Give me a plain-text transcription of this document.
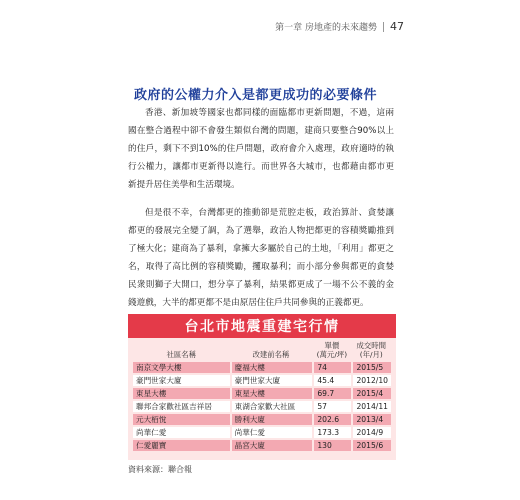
第一章 房地產的未來趨勢 47
政府的公權力介入是都更成功的必要條件

香港、新加坡等國家也都同樣的面臨都市更新問題，不過，這兩國在整合過程中卻不會發生類似台灣的問題，建商只要整合90%以上的住戶，剩下不到10%的住戶問題，政府會介入處理，政府適時的執行公權力，讓都市更新得以進行。而世界各大城市，也都藉由都市更新提升居住美學和生活環境。

但是很不幸，台灣都更的推動卻是荒腔走板，政治算計、貪婪讓都更的發展完全變了調，為了選舉，政治人物把都更的容積獎勵推到了極大化；建商為了暴利，拿擁大多屬於自己的土地，「利用」都更之名，取得了高比例的容積獎勵，攫取暴利；而小部分參與都更的貪婪民衆則獅子大開口，想分享了暴利，結果都更成了一場不公不義的金錢遊戲，大半的都更都不是由原居住住戶共同參與的正義都更。

台北市地震重建宅行情
社區名稱	改建前名稱	單價
(萬元/坪)	成交時間
(年/月)
南京文學大樓	慶福大樓	74	2015/5
豪門世家大廈	豪門世家大廈	45.4	2012/10
東星大樓	東星大樓	69.7	2015/4
聯邦合家歡社區吉祥居	東湖合家歡大社區	57	2014/11
元大栢悅	勝利大廈	202.6	2013/4
尚華仁愛	尚華仁愛	173.3	2014/9
仁愛麗寶	晶宮大廈	130	2015/6
資料來源：聯合報
